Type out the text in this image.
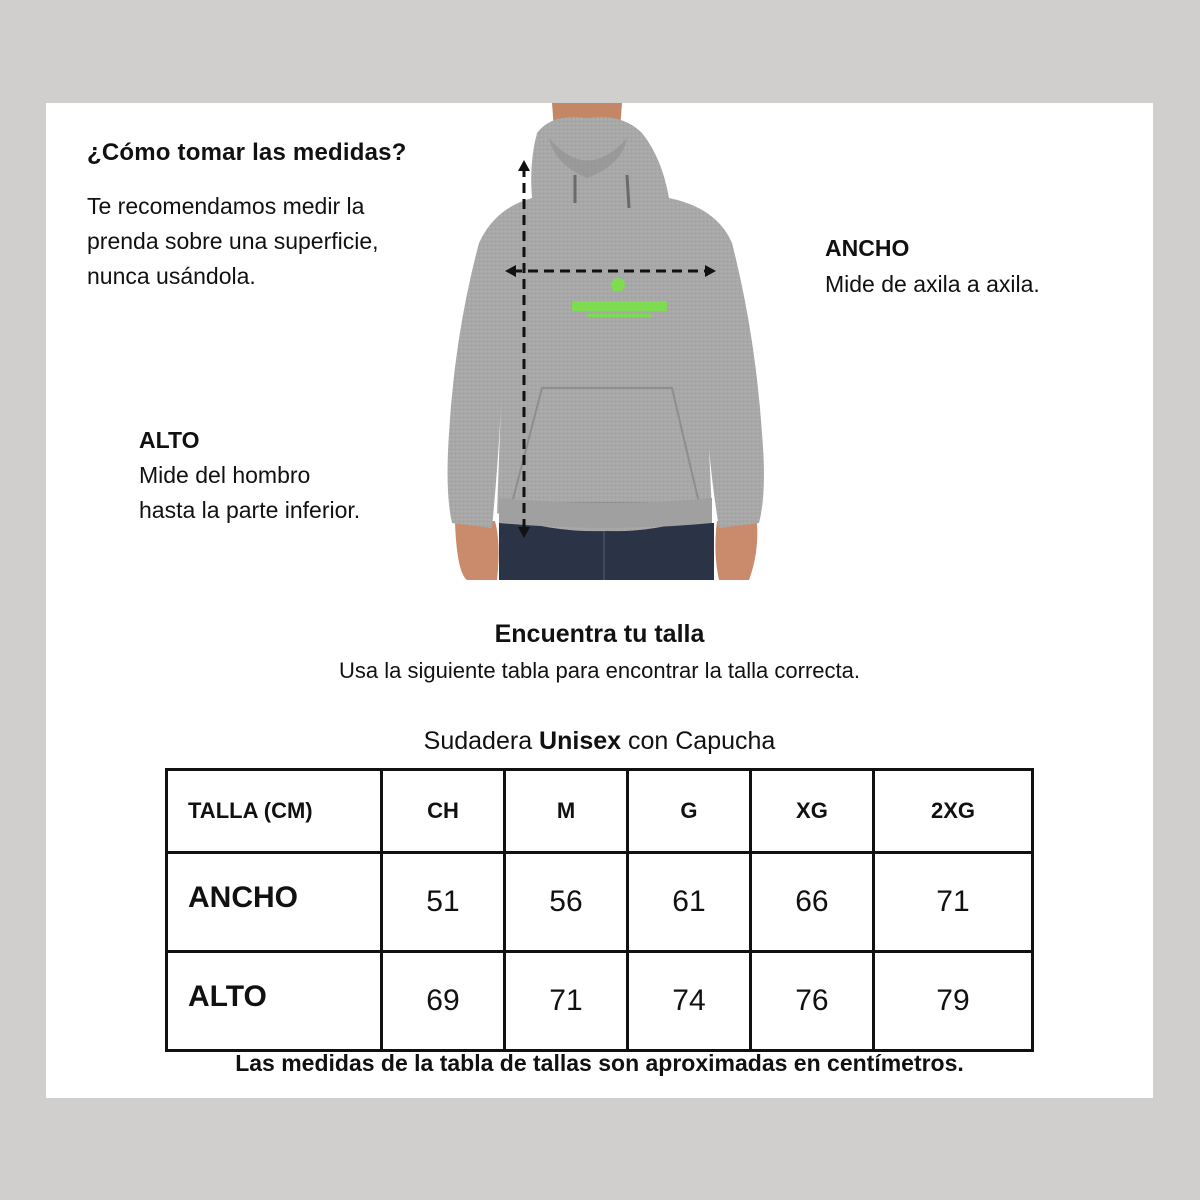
¿Cómo tomar las medidas?
Te recomendamos medir la
prenda sobre una superficie,
nunca usándola.
ANCHO
Mide de axila a axila.
ALTO
Mide del hombro
hasta la parte inferior.
Encuentra tu talla
Usa la siguiente tabla para encontrar la talla correcta.
Sudadera Unisex con Capucha
TALLA (CM)	CH	M	G	XG	2XG
ANCHO	51	56	61	66	71
ALTO	69	71	74	76	79
Las medidas de la tabla de tallas son aproximadas en centímetros.
